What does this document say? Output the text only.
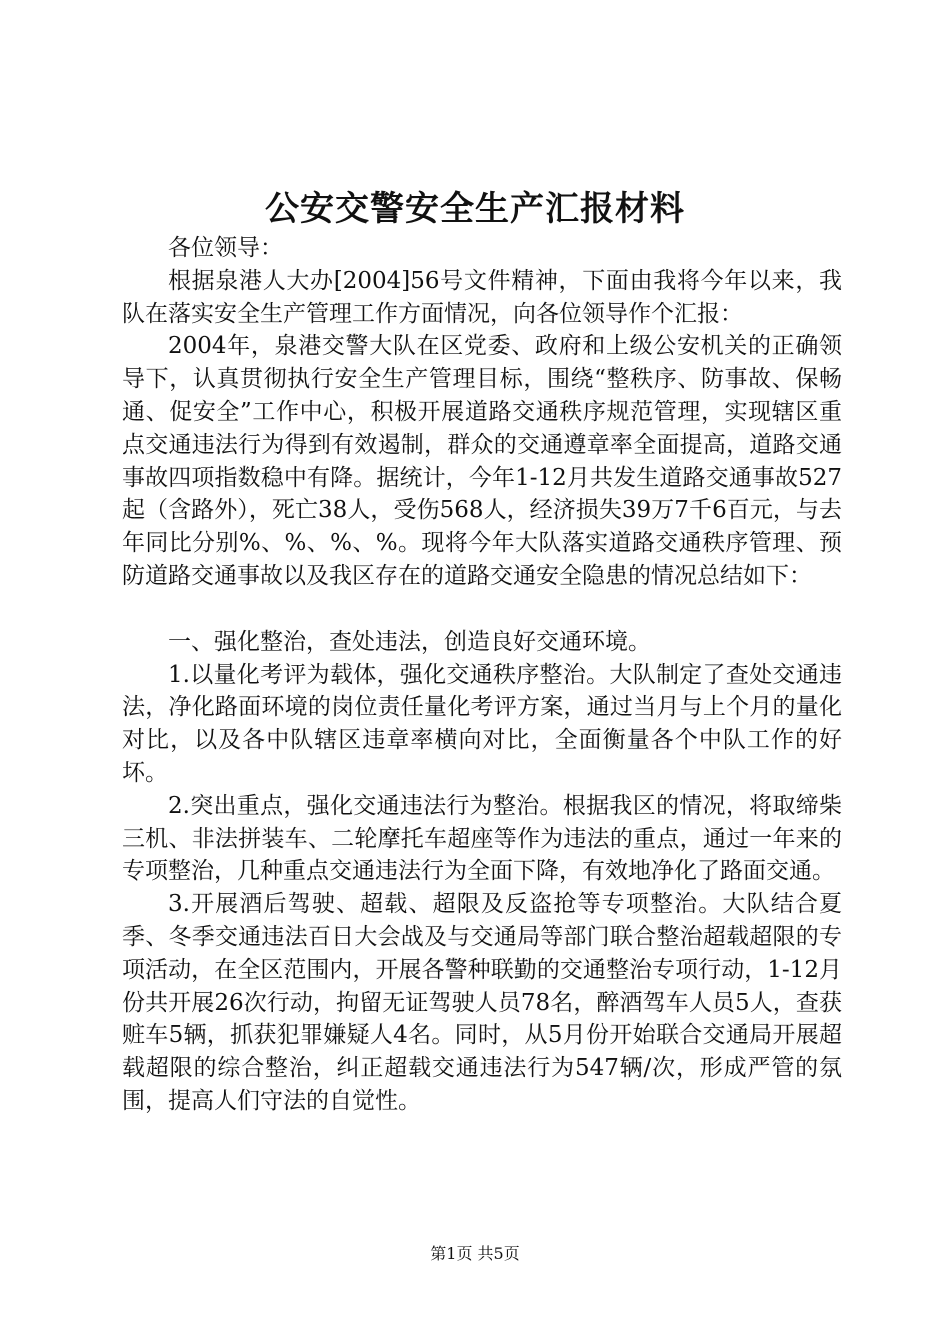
公安交警安全生产汇报材料

各位领导：

根据泉港人大办[2004]56号文件精神，下面由我将今年以来，我队在落实安全生产管理工作方面情况，向各位领导作个汇报：

2004年，泉港交警大队在区党委、政府和上级公安机关的正确领导下，认真贯彻执行安全生产管理目标，围绕“整秩序、防事故、保畅通、促安全”工作中心，积极开展道路交通秩序规范管理，实现辖区重点交通违法行为得到有效遏制，群众的交通遵章率全面提高，道路交通事故四项指数稳中有降。据统计，今年1-12月共发生道路交通事故527起（含路外），死亡38人，受伤568人，经济损失39万7千6百元，与去年同比分别%、%、%、%。现将今年大队落实道路交通秩序管理、预防道路交通事故以及我区存在的道路交通安全隐患的情况总结如下：

一、强化整治，查处违法，创造良好交通环境。

1.以量化考评为载体，强化交通秩序整治。大队制定了查处交通违法，净化路面环境的岗位责任量化考评方案，通过当月与上个月的量化对比，以及各中队辖区违章率横向对比，全面衡量各个中队工作的好坏。

2.突出重点，强化交通违法行为整治。根据我区的情况，将取缔柴三机、非法拼装车、二轮摩托车超座等作为违法的重点，通过一年来的专项整治，几种重点交通违法行为全面下降，有效地净化了路面交通。

3.开展酒后驾驶、超载、超限及反盗抢等专项整治。大队结合夏季、冬季交通违法百日大会战及与交通局等部门联合整治超载超限的专项活动，在全区范围内，开展各警种联勤的交通整治专项行动，1-12月份共开展26次行动，拘留无证驾驶人员78名，醉酒驾车人员5人，查获赃车5辆，抓获犯罪嫌疑人4名。同时，从5月份开始联合交通局开展超载超限的综合整治，纠正超载交通违法行为547辆/次，形成严管的氛围，提高人们守法的自觉性。

第1页 共5页
